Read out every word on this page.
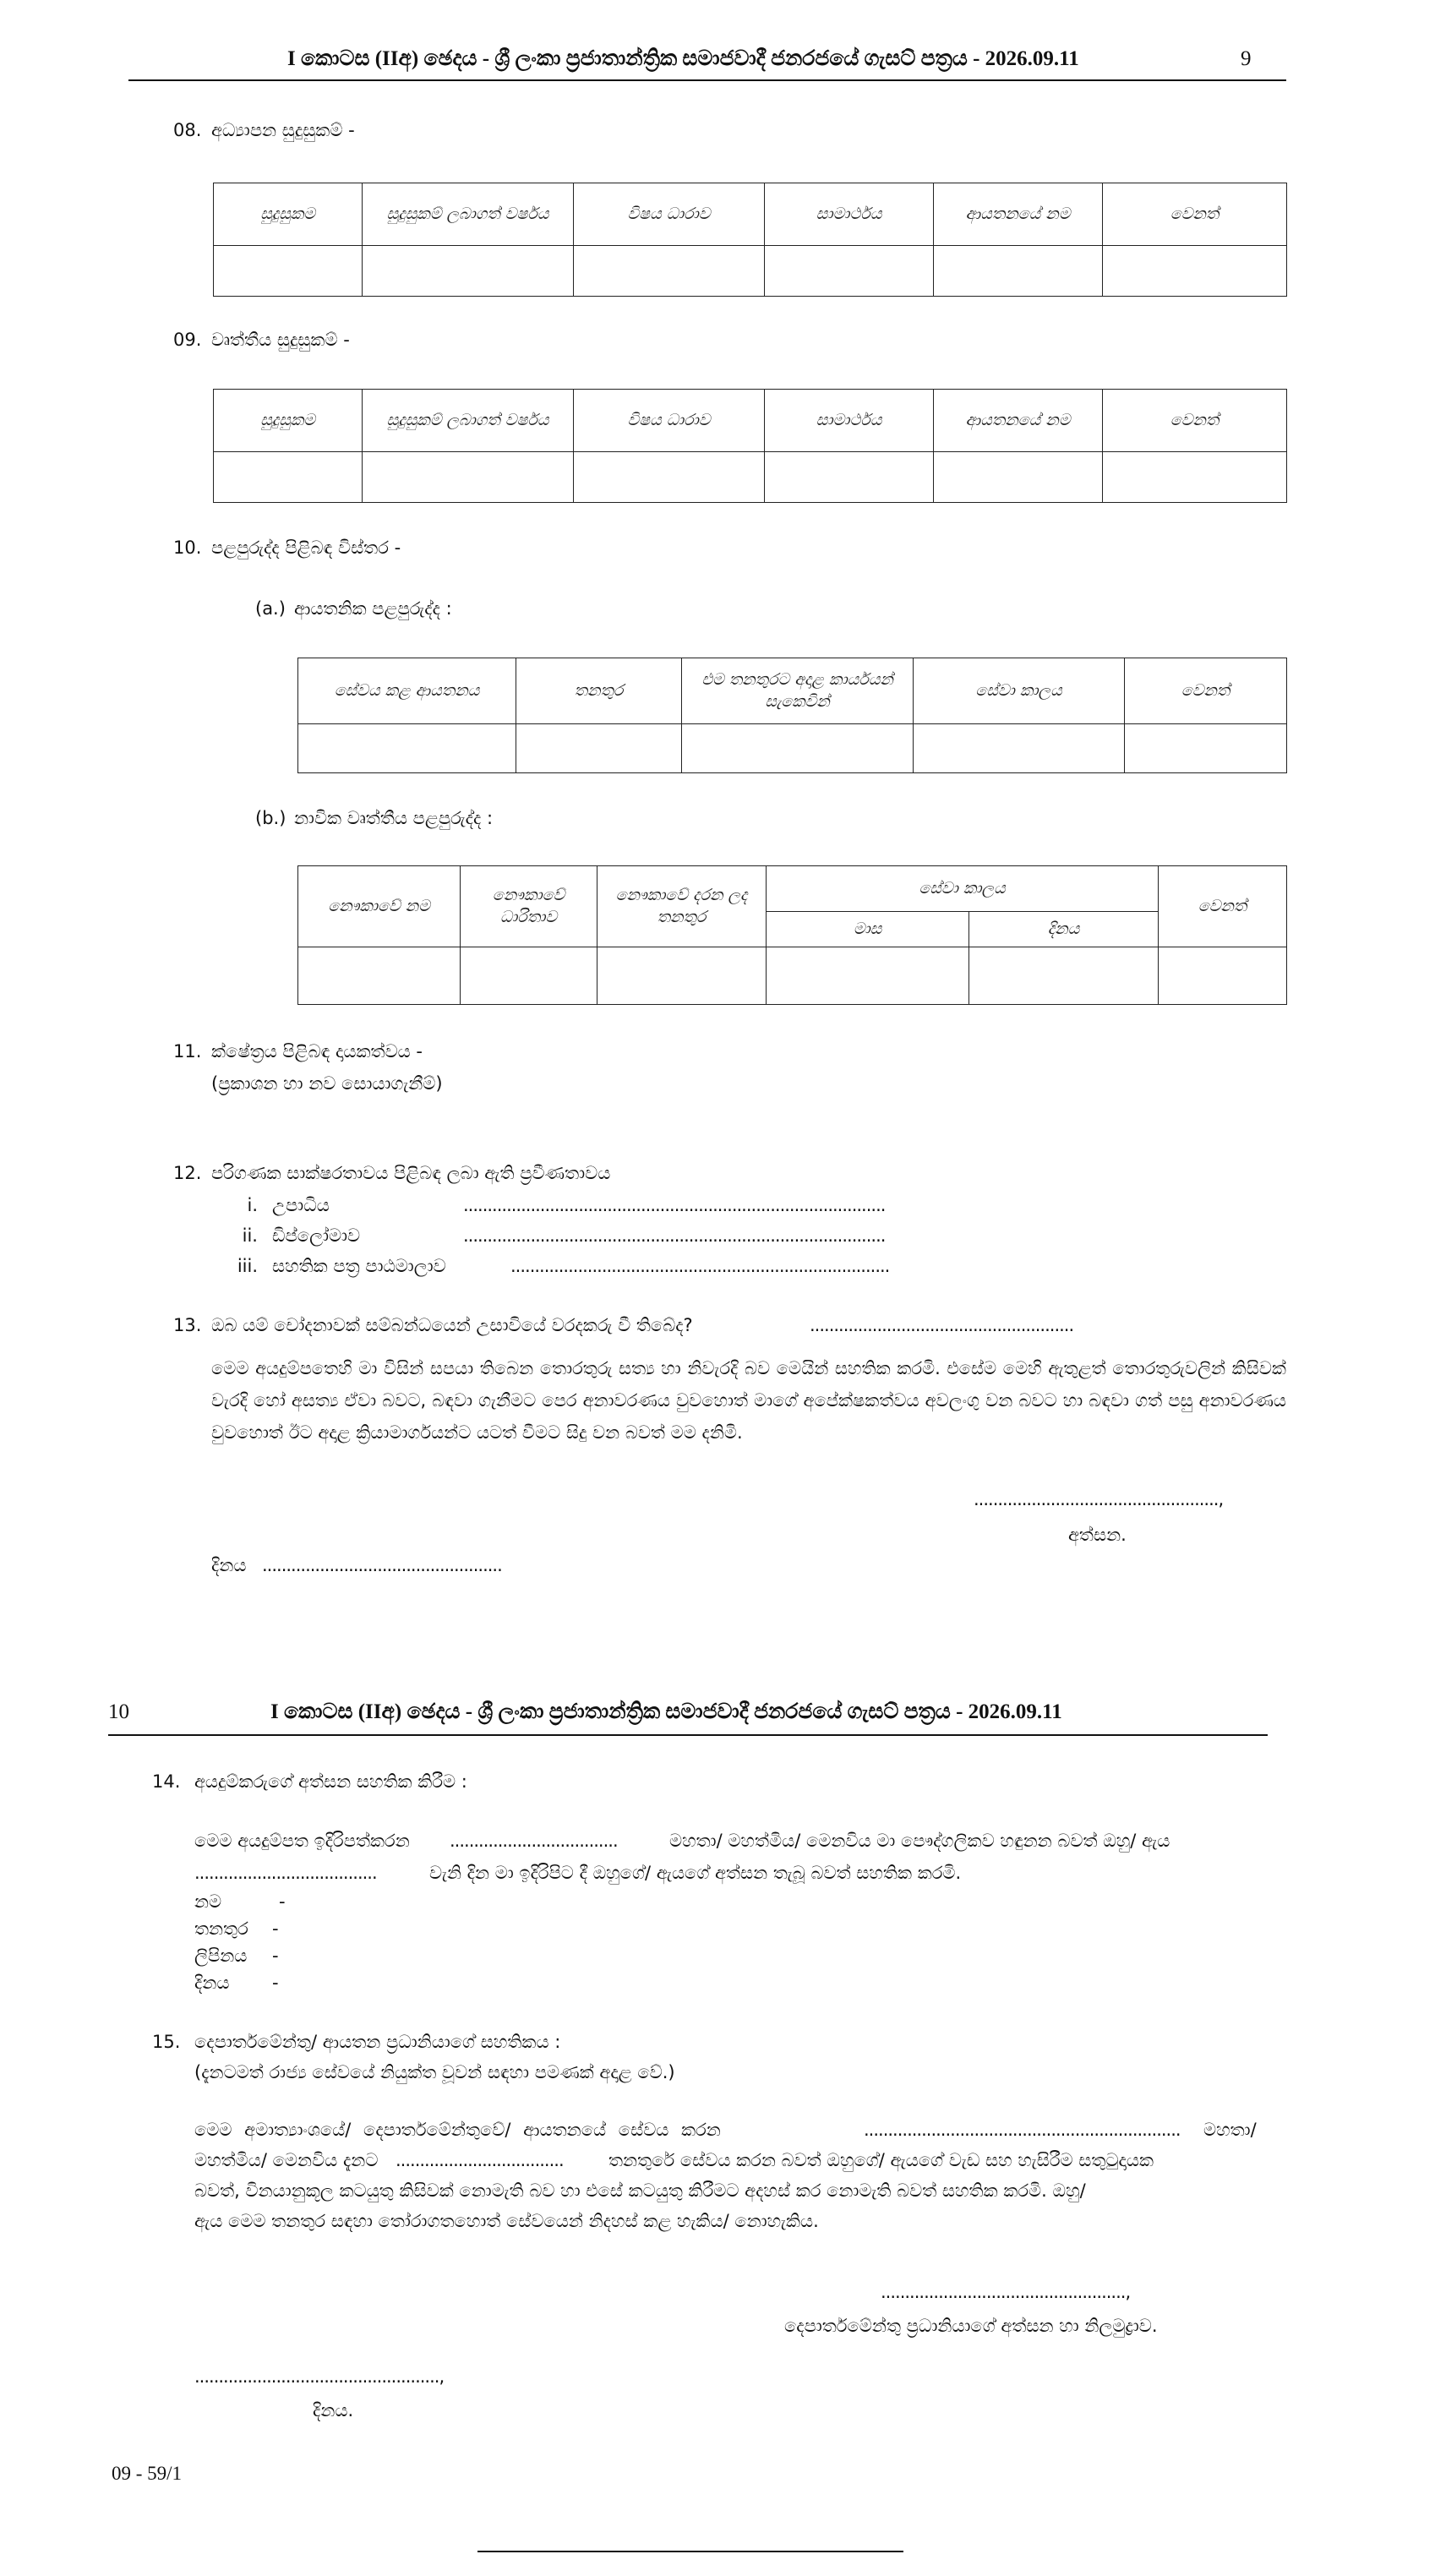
I කොටස (IIඅ) ඡෙදය - ශ්‍රී ලංකා ප්‍රජාතාන්ත්‍රික සමාජවාදී ජනරජයේ ගැසට් පත්‍රය - 2026.09.11	9
08. අධ්‍යාපන සුදුසුකම් -
සුදුසුකම	සුදුසුකම් ලබාගත් වර්ෂය	විෂය ධාරාව	සාමාර්ථය	ආයතනයේ නම	වෙනත්

09. වෘත්තීය සුදුසුකම් -
සුදුසුකම	සුදුසුකම් ලබාගත් වර්ෂය	විෂය ධාරාව	සාමාර්ථය	ආයතනයේ නම	වෙනත්

10. පළපුරුද්ද පිළිබඳ විස්තර -
(a.) ආයතනික පළපුරුද්ද :
සේවය කළ ආයතනය	තනතුර	එම තනතුරට අදාළ කාර්යයන් සැකෙවින්	සේවා කාලය	වෙනත්

(b.) නාවික වෘත්තීය පළපුරුද්ද :
නෞකාවේ නම	නෞකාවේ ධාරිතාව	නෞකාවේ දරන ලද තනතුර	සේවා කාලය		වෙනත්
			මාස	දිනය	

11. ක්ෂේත්‍රය පිළිබඳ දායකත්වය -
(ප්‍රකාශන හා නව සොයාගැනීම්)
12. පරිගණක සාක්ෂරතාවය පිළිබඳ ලබා ඇති ප්‍රවීණතාවය
i. උපාධිය	........................................................................................
ii. ඩිප්ලෝමාව	........................................................................................
iii. සහතික පත්‍ර පාඨමාලාව	...............................................................................
13. ඔබ යම් චෝදනාවක් සම්බන්ධයෙන් උසාවියේ වරදකරු වී තිබේද?	.......................................................
මෙම අයදුම්පතෙහි මා විසින් සපයා තිබෙන තොරතුරු සත්‍ය හා නිවැරදි බව මෙයින් සහතික කරමි. එසේම මෙහි ඇතුළත් තොරතුරුවලින් කිසිවක් වැරදි හෝ අසත්‍ය ඒවා බවට, බඳවා ගැනීමට පෙර අනාවරණය වුවහොත් මාගේ අපේක්ෂකත්වය අවලංගු වන බවට හා බඳවා ගත් පසු අනාවරණය වුවහොත් ඊට අදාළ ක්‍රියාමාර්ගයන්ට යටත් වීමට සිදු වන බවත් මම දනිමි.
...................................................,
අත්සන.
දිනය ..................................................
10	I කොටස (IIඅ) ඡෙදය - ශ්‍රී ලංකා ප්‍රජාතාන්ත්‍රික සමාජවාදී ජනරජයේ ගැසට් පත්‍රය - 2026.09.11
14. අයදුම්කරුගේ අත්සන සහතික කිරීම :
මෙම අයදුම්පත ඉදිරිපත්කරන ...................................	මහතා/ මහත්මිය/ මෙනවිය මා පෞද්ගලිකව හඳුනන බවත් ඔහු/ ඇය
......................................	වැනි දින මා ඉදිරිපිට දී ඔහුගේ/ ඇයගේ අත්සන තැබූ බවත් සහතික කරමි.
නම	-
තනතුර -
ලිපිනය -
දිනය -
15. දෙපාර්තමේන්තු/ ආයතන ප්‍රධානියාගේ සහතිකය :
(දැනටමත් රාජ්‍ය සේවයේ නියුක්ත වූවන් සඳහා පමණක් අදාළ වේ.)
මෙම අමාත්‍යාංශයේ/ දෙපාර්තමේන්තුවේ/ ආයතනයේ සේවය කරන	.................................................................. මහතා/
මහත්මිය/ මෙනවිය දැනට ...................................	තනතුරේ සේවය කරන බවත් ඔහුගේ/ ඇයගේ වැඩ සහ හැසිරීම සතුටුදායක
බවත්, විනයානුකූල කටයුතු කිසිවක් නොමැති බව හා එසේ කටයුතු කිරීමට අදහස් කර නොමැති බවත් සහතික කරමි. ඔහු/
ඇය මෙම තනතුර සඳහා තෝරාගතහොත් සේවයෙන් නිදහස් කළ හැකිය/ නොහැකිය.
...................................................,
දෙපාර්තමේන්තු ප්‍රධානියාගේ අත්සන හා නිලමුද්‍රාව.
...................................................,
දිනය.
09 - 59/1
